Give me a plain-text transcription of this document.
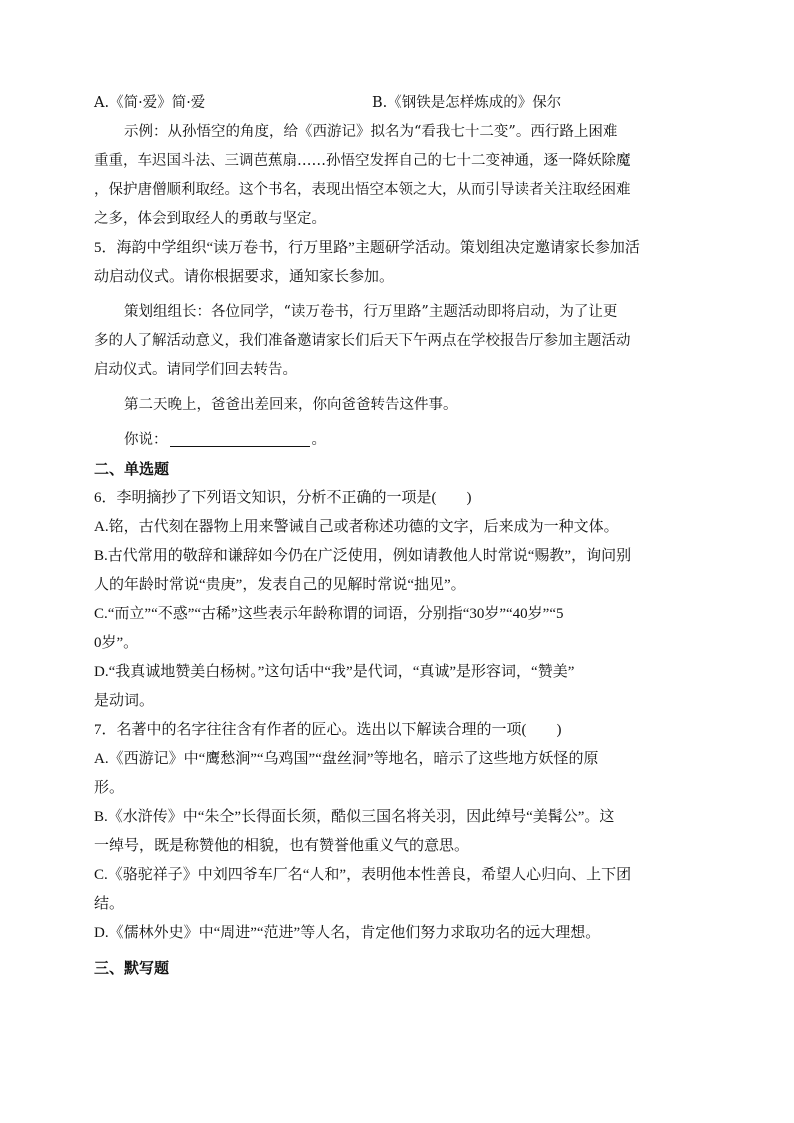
A.《简·爱》简·爱	B.《钢铁是怎样炼成的》保尔
示例：从孙悟空的角度，给《西游记》拟名为“看我七十二变”。西行路上困难
重重，车迟国斗法、三调芭蕉扇……孙悟空发挥自己的七十二变神通，逐一降妖除魔
，保护唐僧顺利取经。这个书名，表现出悟空本领之大，从而引导读者关注取经困难
之多，体会到取经人的勇敢与坚定。
5．海韵中学组织“读万卷书，行万里路”主题研学活动。策划组决定邀请家长参加活
动启动仪式。请你根据要求，通知家长参加。
策划组组长：各位同学，“读万卷书，行万里路”主题活动即将启动，为了让更
多的人了解活动意义，我们准备邀请家长们后天下午两点在学校报告厅参加主题活动
启动仪式。请同学们回去转告。
第二天晚上，爸爸出差回来，你向爸爸转告这件事。
你说：	。
二、单选题
6．李明摘抄了下列语文知识，分析不正确的一项是(　　)
A.铭，古代刻在器物上用来警诫自己或者称述功德的文字，后来成为一种文体。
B.古代常用的敬辞和谦辞如今仍在广泛使用，例如请教他人时常说“赐教”，询问别
人的年龄时常说“贵庚”，发表自己的见解时常说“拙见”。
C.“而立”“不惑”“古稀”这些表示年龄称谓的词语，分别指“30岁”“40岁”“5
0岁”。
D.“我真诚地赞美白杨树。”这句话中“我”是代词，“真诚”是形容词，“赞美”
是动词。
7．名著中的名字往往含有作者的匠心。选出以下解读合理的一项(　　)
A.《西游记》中“鹰愁涧”“乌鸡国”“盘丝洞”等地名，暗示了这些地方妖怪的原
形。
B.《水浒传》中“朱仝”长得面长须，酷似三国名将关羽，因此绰号“美髯公”。这
一绰号，既是称赞他的相貌，也有赞誉他重义气的意思。
C.《骆驼祥子》中刘四爷车厂名“人和”，表明他本性善良，希望人心归向、上下团
结。
D.《儒林外史》中“周进”“范进”等人名，肯定他们努力求取功名的远大理想。
三、默写题
